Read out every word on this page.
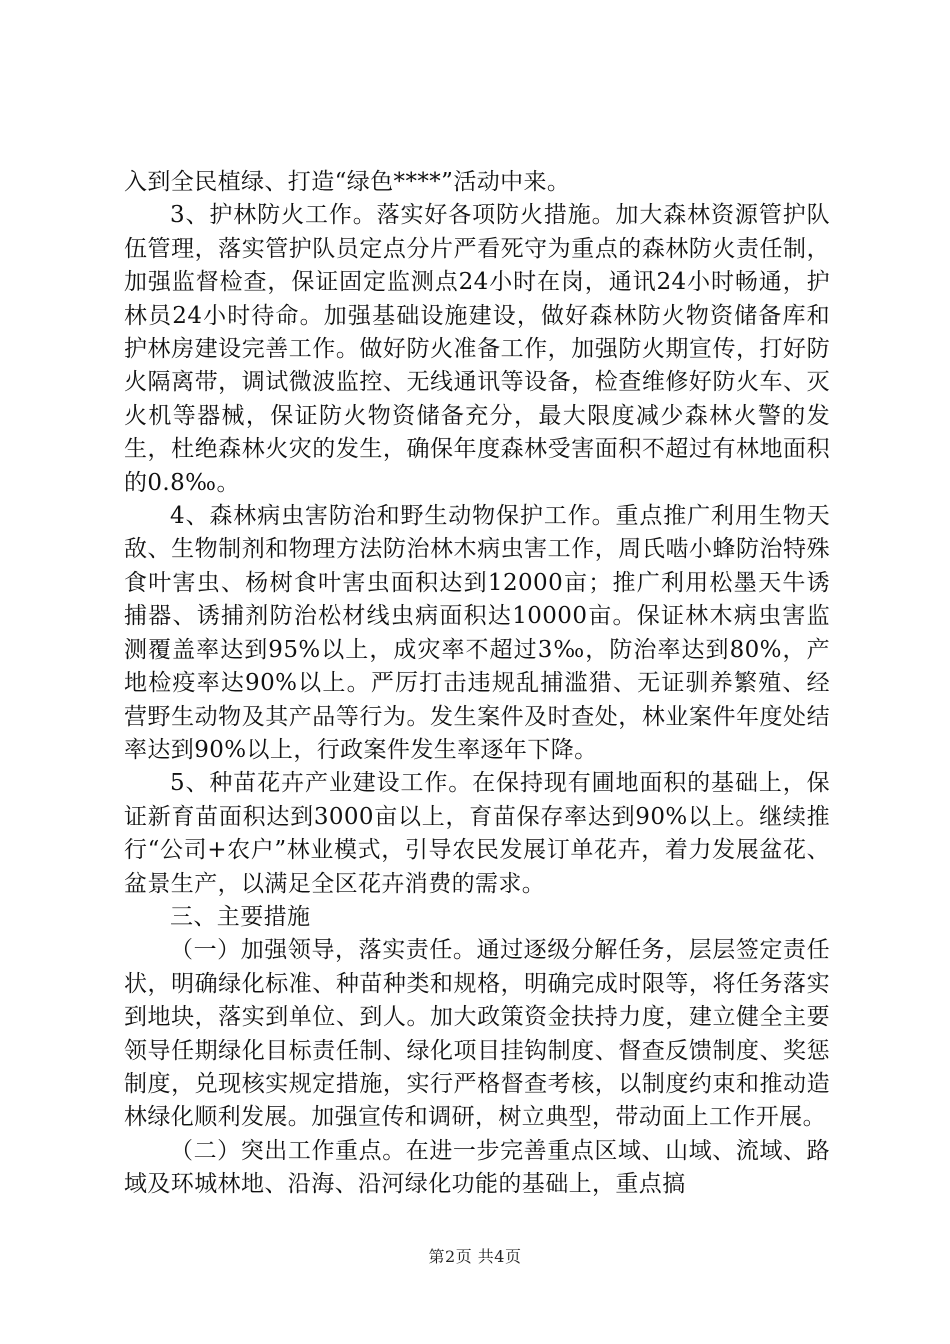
入到全民植绿、打造“绿色****”活动中来。

3、护林防火工作。落实好各项防火措施。加大森林资源管护队伍管理，落实管护队员定点分片严看死守为重点的森林防火责任制，加强监督检查，保证固定监测点24小时在岗，通讯24小时畅通，护林员24小时待命。加强基础设施建设，做好森林防火物资储备库和护林房建设完善工作。做好防火准备工作，加强防火期宣传，打好防火隔离带，调试微波监控、无线通讯等设备，检查维修好防火车、灭火机等器械，保证防火物资储备充分，最大限度减少森林火警的发生，杜绝森林火灾的发生，确保年度森林受害面积不超过有林地面积的0.8‰。

4、森林病虫害防治和野生动物保护工作。重点推广利用生物天敌、生物制剂和物理方法防治林木病虫害工作，周氏啮小蜂防治特殊食叶害虫、杨树食叶害虫面积达到12000亩；推广利用松墨天牛诱捕器、诱捕剂防治松材线虫病面积达10000亩。保证林木病虫害监测覆盖率达到95%以上，成灾率不超过3‰，防治率达到80%，产地检疫率达90%以上。严厉打击违规乱捕滥猎、无证驯养繁殖、经营野生动物及其产品等行为。发生案件及时查处，林业案件年度处结率达到90%以上，行政案件发生率逐年下降。

5、种苗花卉产业建设工作。在保持现有圃地面积的基础上，保证新育苗面积达到3000亩以上，育苗保存率达到90%以上。继续推行“公司+农户”林业模式，引导农民发展订单花卉，着力发展盆花、盆景生产，以满足全区花卉消费的需求。

三、主要措施

（一）加强领导，落实责任。通过逐级分解任务，层层签定责任状，明确绿化标准、种苗种类和规格，明确完成时限等，将任务落实到地块，落实到单位、到人。加大政策资金扶持力度，建立健全主要领导任期绿化目标责任制、绿化项目挂钩制度、督查反馈制度、奖惩制度，兑现核实规定措施，实行严格督查考核，以制度约束和推动造林绿化顺利发展。加强宣传和调研，树立典型，带动面上工作开展。

（二）突出工作重点。在进一步完善重点区域、山域、流域、路域及环城林地、沿海、沿河绿化功能的基础上，重点搞

第2页 共4页
